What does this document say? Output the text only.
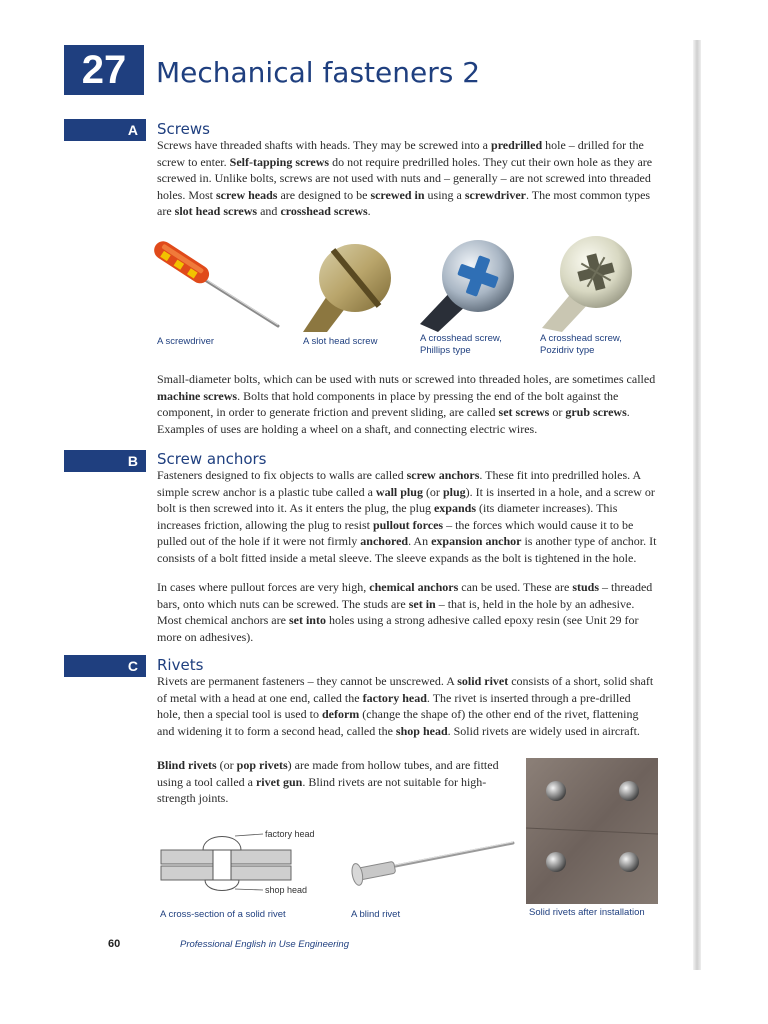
27	Mechanical fasteners 2
A	Screws

Screws have threaded shafts with heads. They may be screwed into a predrilled hole – drilled for the screw to enter. Self-tapping screws do not require predrilled holes. They cut their own hole as they are screwed in. Unlike bolts, screws are not used with nuts and – generally – are not screwed into threaded holes. Most screw heads are designed to be screwed in using a screwdriver. The most common types are slot head screws and crosshead screws.

A screwdriver	A slot head screw	A crosshead screw,
Phillips type
A crosshead screw,
Pozidriv type

Small-diameter bolts, which can be used with nuts or screwed into threaded holes, are sometimes called machine screws. Bolts that hold components in place by pressing the end of the bolt against the component, in order to generate friction and prevent sliding, are called set screws or grub screws. Examples of uses are holding a wheel on a shaft, and connecting electric wires.

B	Screw anchors

Fasteners designed to fix objects to walls are called screw anchors. These fit into predrilled holes. A simple screw anchor is a plastic tube called a wall plug (or plug). It is inserted in a hole, and a screw or bolt is then screwed into it. As it enters the plug, the plug expands (its diameter increases). This increases friction, allowing the plug to resist pullout forces – the forces which would cause it to be pulled out of the hole if it were not firmly anchored. An expansion anchor is another type of anchor. It consists of a bolt fitted inside a metal sleeve. The sleeve expands as the bolt is tightened in the hole.

In cases where pullout forces are very high, chemical anchors can be used. These are studs – threaded bars, onto which nuts can be screwed. The studs are set in – that is, held in the hole by an adhesive. Most chemical anchors are set into holes using a strong adhesive called epoxy resin (see Unit 29 for more on adhesives).

C	Rivets

Rivets are permanent fasteners – they cannot be unscrewed. A solid rivet consists of a short, solid shaft of metal with a head at one end, called the factory head. The rivet is inserted through a pre-drilled hole, then a special tool is used to deform (change the shape of) the other end of the rivet, flattening and widening it to form a second head, called the shop head. Solid rivets are widely used in aircraft.

Blind rivets (or pop rivets) are made from hollow tubes, and are fitted using a tool called a rivet gun. Blind rivets are not suitable for high-strength joints.

factory head
shop head
A cross-section of a solid rivet	A blind rivet	Solid rivets after installation
60	Professional English in Use Engineering
